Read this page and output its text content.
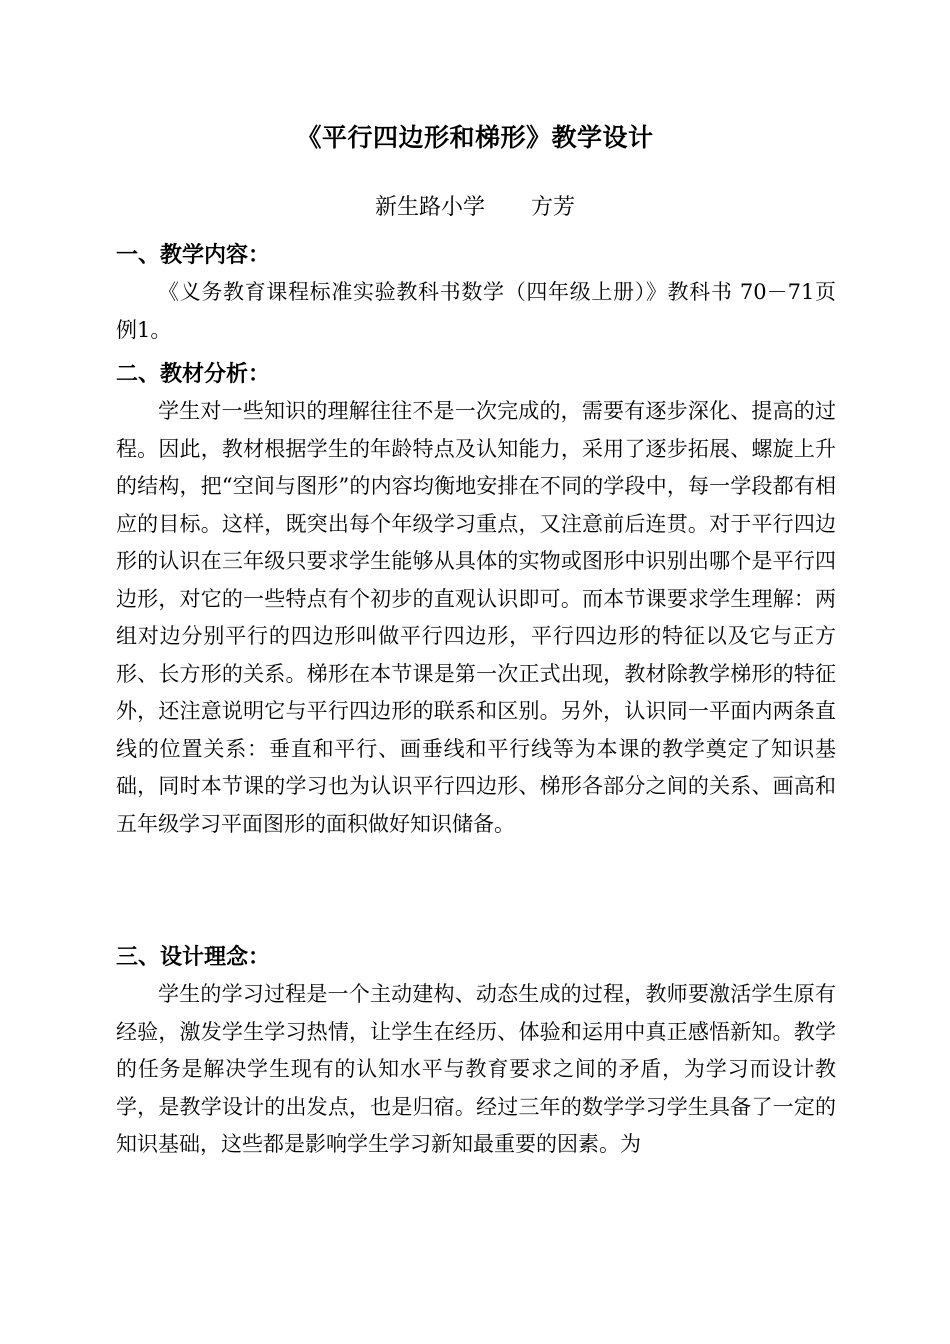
《平行四边形和梯形》教学设计
新生路小学 方芳
一、教学内容：

《义务教育课程标准实验教科书数学（四年级上册）》教科书 70－71页例1。

二、教材分析：

学生对一些知识的理解往往不是一次完成的，需要有逐步深化、提高的过程。因此，教材根据学生的年龄特点及认知能力，采用了逐步拓展、螺旋上升的结构，把“空间与图形”的内容均衡地安排在不同的学段中，每一学段都有相应的目标。这样，既突出每个年级学习重点，又注意前后连贯。对于平行四边形的认识在三年级只要求学生能够从具体的实物或图形中识别出哪个是平行四边形，对它的一些特点有个初步的直观认识即可。而本节课要求学生理解：两组对边分别平行的四边形叫做平行四边形，平行四边形的特征以及它与正方形、长方形的关系。梯形在本节课是第一次正式出现，教材除教学梯形的特征外，还注意说明它与平行四边形的联系和区别。另外，认识同一平面内两条直线的位置关系：垂直和平行、画垂线和平行线等为本课的教学奠定了知识基础，同时本节课的学习也为认识平行四边形、梯形各部分之间的关系、画高和五年级学习平面图形的面积做好知识储备。

三、设计理念：

学生的学习过程是一个主动建构、动态生成的过程，教师要激活学生原有经验，激发学生学习热情，让学生在经历、体验和运用中真正感悟新知。教学的任务是解决学生现有的认知水平与教育要求之间的矛盾，为学习而设计教学，是教学设计的出发点，也是归宿。经过三年的数学学习学生具备了一定的知识基础，这些都是影响学生学习新知最重要的因素。为
